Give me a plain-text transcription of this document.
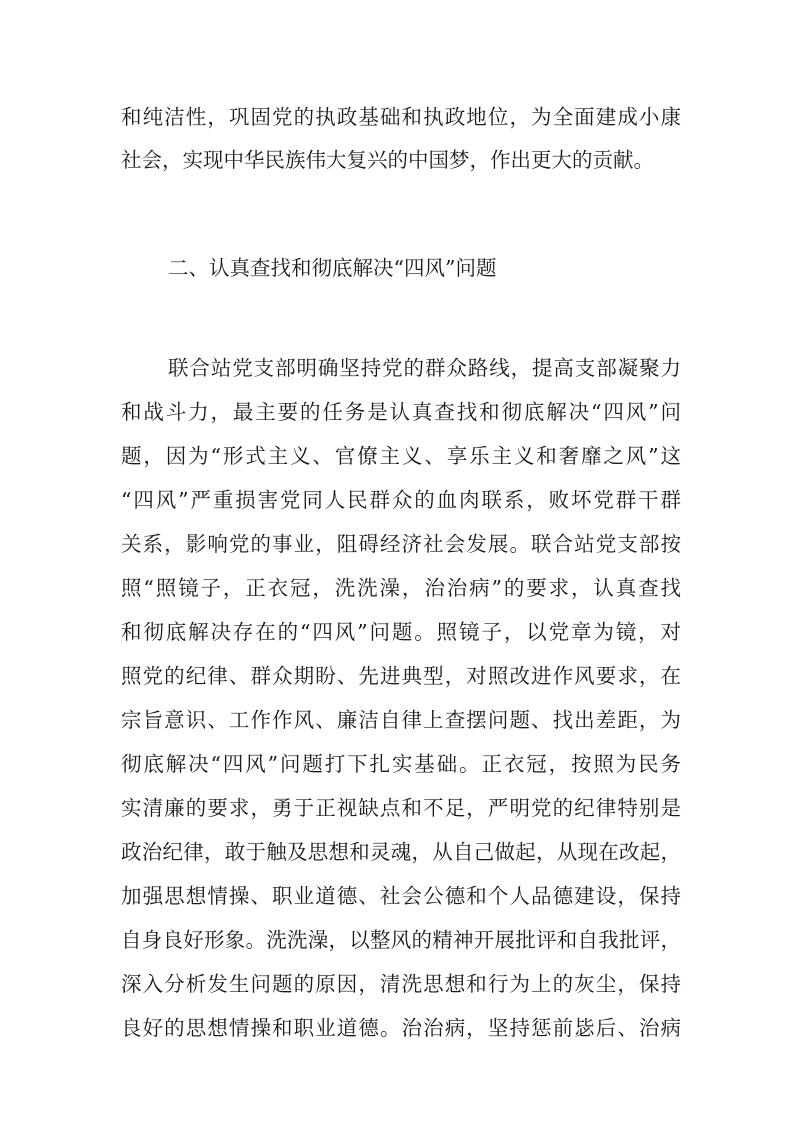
和纯洁性，巩固党的执政基础和执政地位，为全面建成小康
社会，实现中华民族伟大复兴的中国梦，作出更大的贡献。
二、认真查找和彻底解决“四风”问题
联合站党支部明确坚持党的群众路线，提高支部凝聚力
和战斗力，最主要的任务是认真查找和彻底解决“四风”问
题，因为“形式主义、官僚主义、享乐主义和奢靡之风”这
“四风”严重损害党同人民群众的血肉联系，败坏党群干群
关系，影响党的事业，阻碍经济社会发展。联合站党支部按
照“照镜子，正衣冠，洗洗澡，治治病”的要求，认真查找
和彻底解决存在的“四风”问题。照镜子，以党章为镜，对
照党的纪律、群众期盼、先进典型，对照改进作风要求，在
宗旨意识、工作作风、廉洁自律上查摆问题、找出差距，为
彻底解决“四风”问题打下扎实基础。正衣冠，按照为民务
实清廉的要求，勇于正视缺点和不足，严明党的纪律特别是
政治纪律，敢于触及思想和灵魂，从自己做起，从现在改起，
加强思想情操、职业道德、社会公德和个人品德建设，保持
自身良好形象。洗洗澡，以整风的精神开展批评和自我批评，
深入分析发生问题的原因，清洗思想和行为上的灰尘，保持
良好的思想情操和职业道德。治治病，坚持惩前毖后、治病
